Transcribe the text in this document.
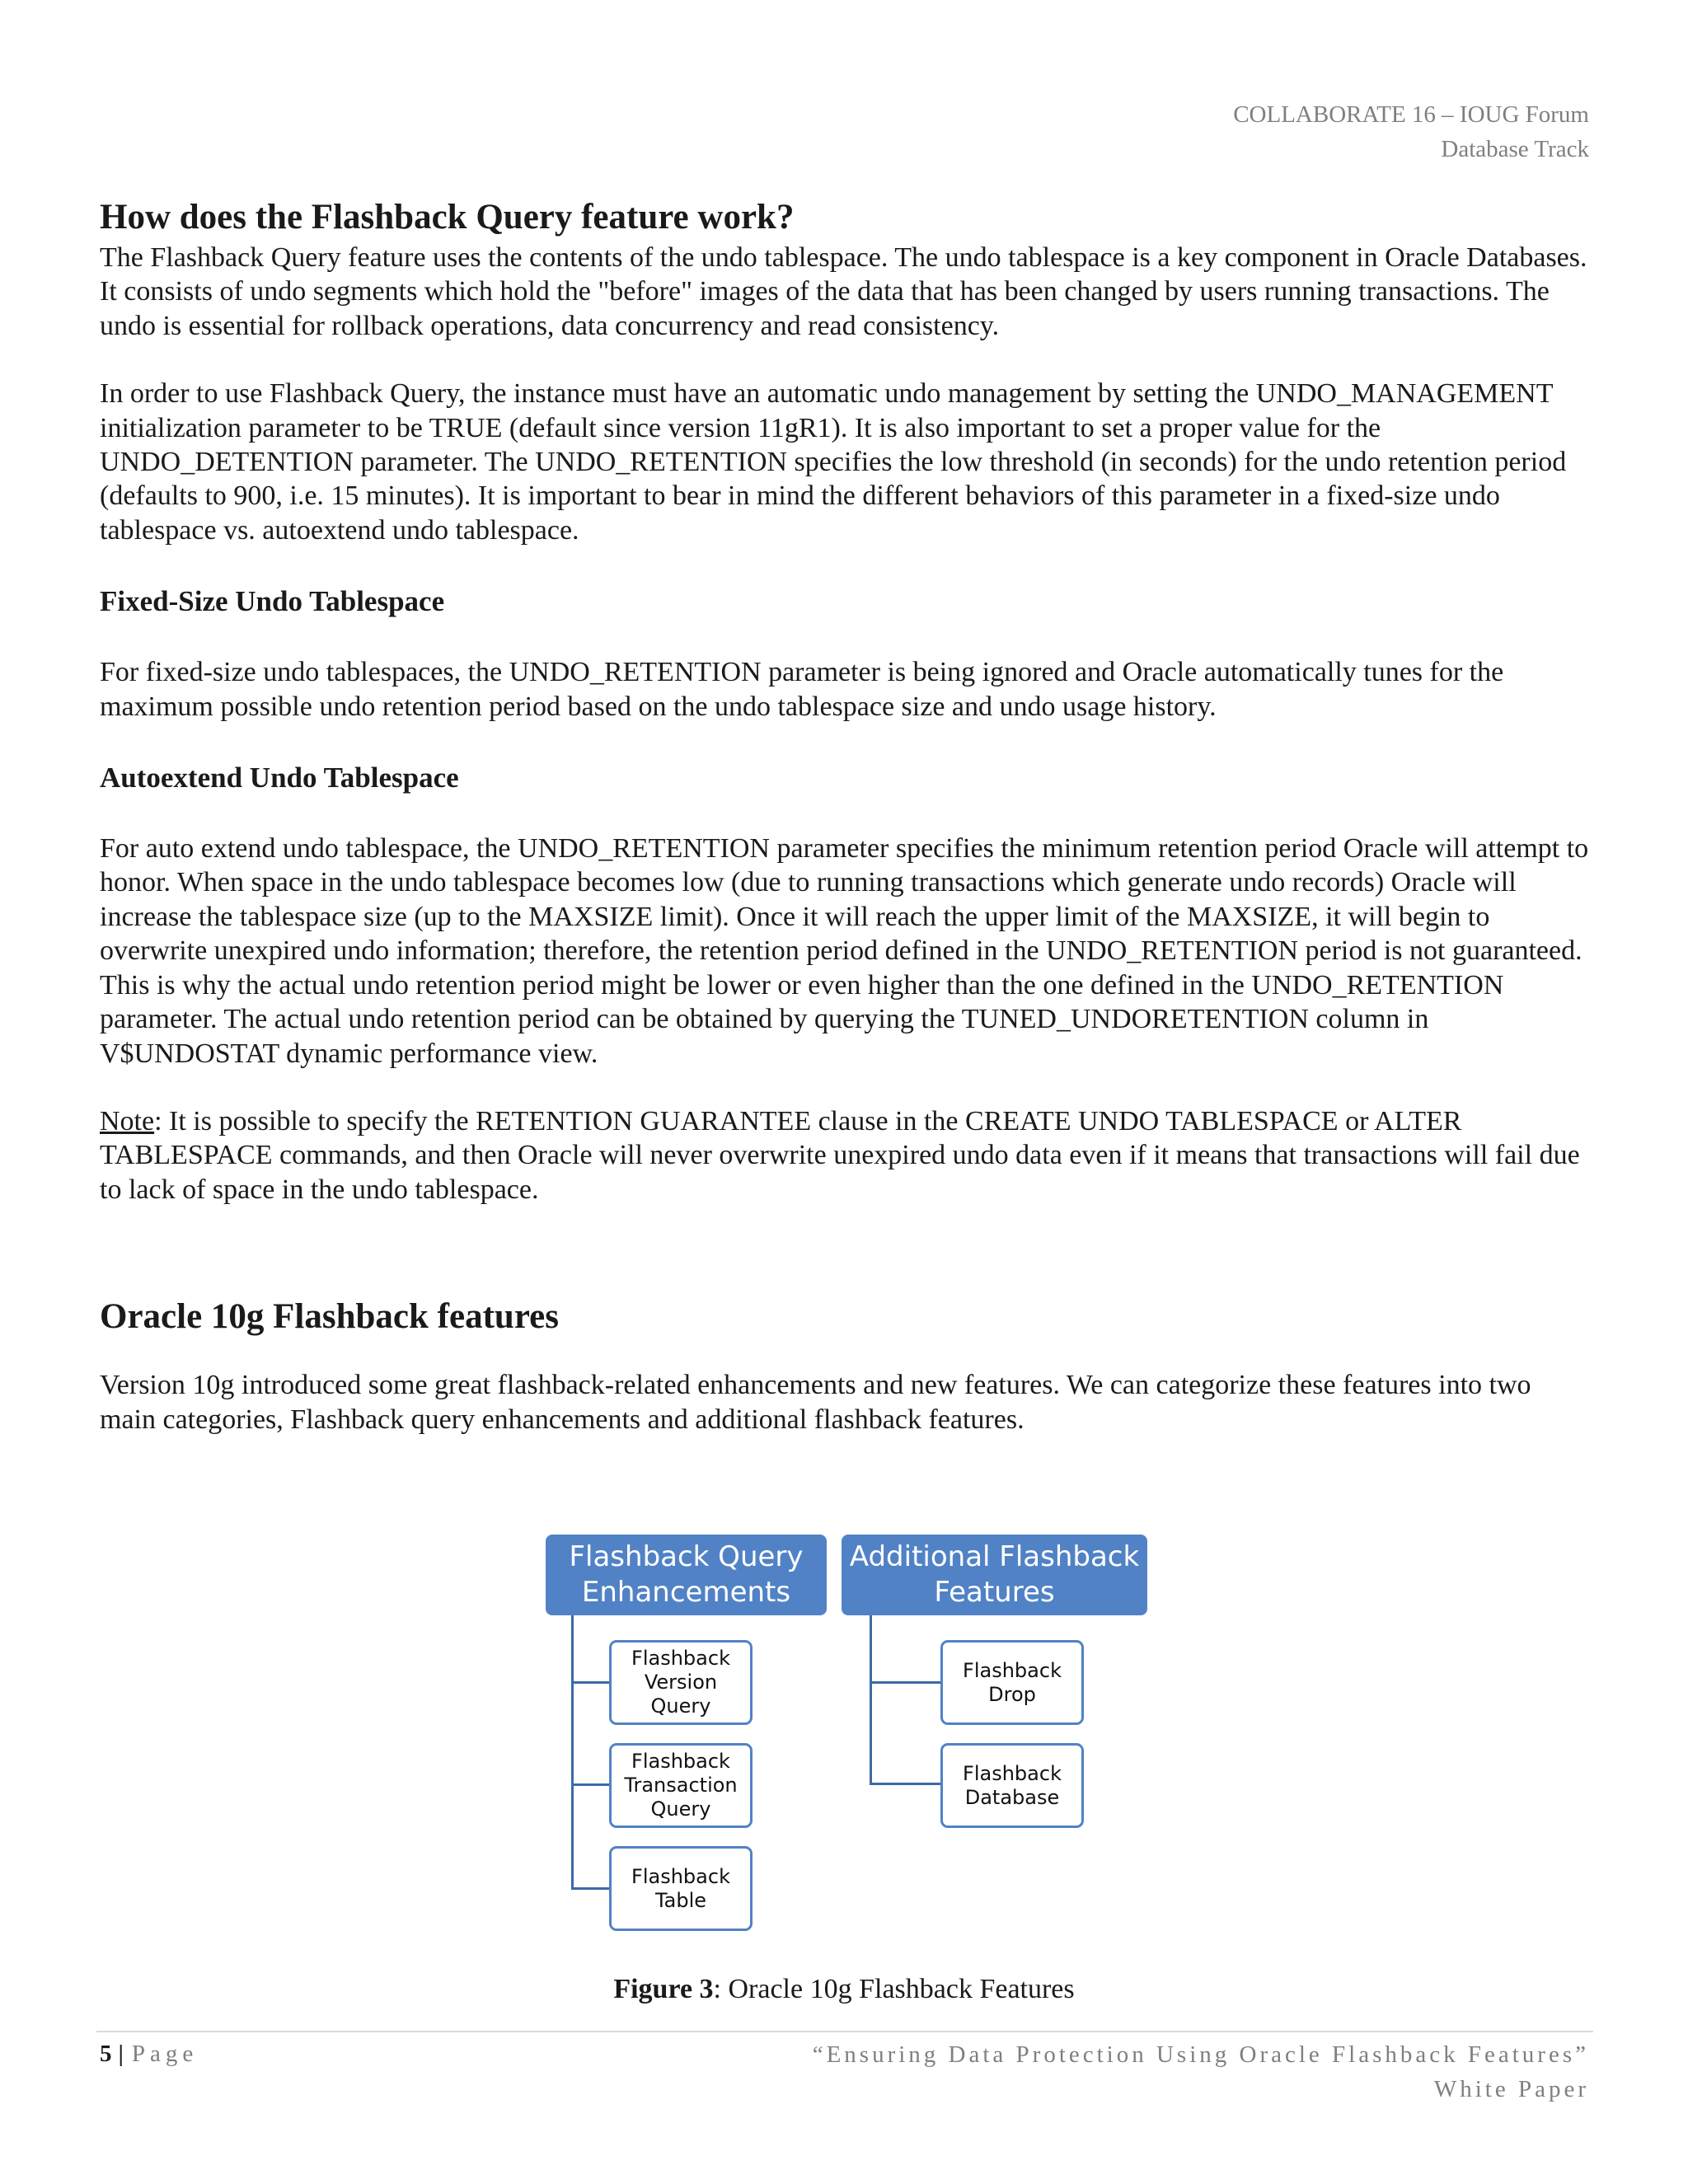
COLLABORATE 16 – IOUG Forum
Database Track
How does the Flashback Query feature work?

The Flashback Query feature uses the contents of the undo tablespace. The undo tablespace is a key component in Oracle Databases. It consists of undo segments which hold the "before" images of the data that has been changed by users running transactions. The undo is essential for rollback operations, data concurrency and read consistency.

In order to use Flashback Query, the instance must have an automatic undo management by setting the UNDO_MANAGEMENT initialization parameter to be TRUE (default since version 11gR1). It is also important to set a proper value for the UNDO_DETENTION parameter. The UNDO_RETENTION specifies the low threshold (in seconds) for the undo retention period (defaults to 900, i.e. 15 minutes). It is important to bear in mind the different behaviors of this parameter in a fixed-size undo tablespace vs. autoextend undo tablespace.

Fixed-Size Undo Tablespace

For fixed-size undo tablespaces, the UNDO_RETENTION parameter is being ignored and Oracle automatically tunes for the maximum possible undo retention period based on the undo tablespace size and undo usage history.

Autoextend Undo Tablespace

For auto extend undo tablespace, the UNDO_RETENTION parameter specifies the minimum retention period Oracle will attempt to honor. When space in the undo tablespace becomes low (due to running transactions which generate undo records) Oracle will increase the tablespace size (up to the MAXSIZE limit). Once it will reach the upper limit of the MAXSIZE, it will begin to overwrite unexpired undo information; therefore, the retention period defined in the UNDO_RETENTION period is not guaranteed. This is why the actual undo retention period might be lower or even higher than the one defined in the UNDO_RETENTION parameter. The actual undo retention period can be obtained by querying the TUNED_UNDORETENTION column in V$UNDOSTAT dynamic performance view.

Note: It is possible to specify the RETENTION GUARANTEE clause in the CREATE UNDO TABLESPACE or ALTER TABLESPACE commands, and then Oracle will never overwrite unexpired undo data even if it means that transactions will fail due to lack of space in the undo tablespace.

Oracle 10g Flashback features

Version 10g introduced some great flashback-related enhancements and new features. We can categorize these features into two main categories, Flashback query enhancements and additional flashback features.

Flashback Query
Enhancements
Flashback
Version
Query
Flashback
Transaction
Query
Flashback
Table
Additional Flashback
Features
Flashback
Drop
Flashback
Database
Figure 3: Oracle 10g Flashback Features
5 | Page	“Ensuring Data Protection Using Oracle Flashback Features”
White Paper
